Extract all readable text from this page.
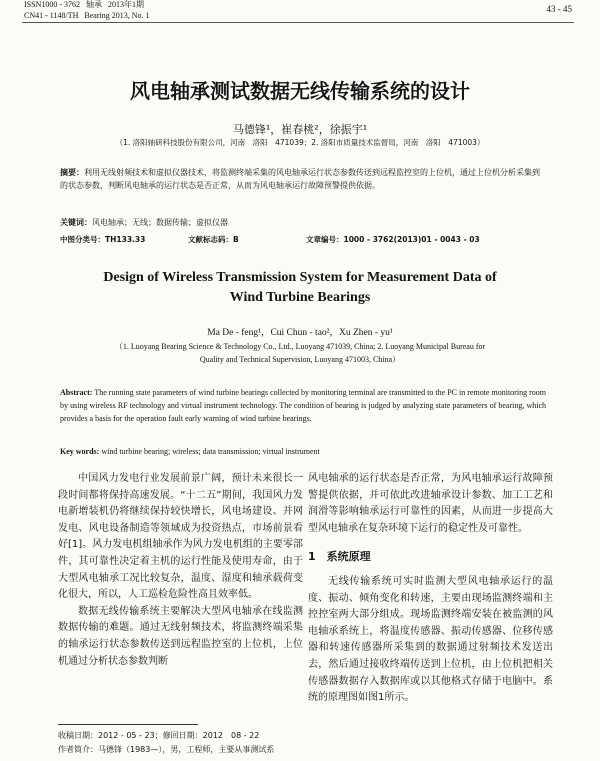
ISSN1000 - 3762 轴承 2013年1期
CN41 - 1148/TH Bearing 2013, No. 1
43 - 45
风电轴承测试数据无线传输系统的设计
马德锋¹，崔春桃²，徐振宇¹
（1. 洛阳轴研科技股份有限公司，河南　洛阳　471039；2. 洛阳市质量技术监督局，河南　洛阳　471003）
摘要：利用无线射频技术和虚拟仪器技术，将监测终端采集的风电轴承运行状态参数传送到远程监控室的上位机，通过上位机分析采集到的状态参数，判断风电轴承的运行状态是否正常，从而为风电轴承运行故障预警提供依据。
关键词：风电轴承；无线；数据传输；虚拟仪器
中图分类号：TH133.33	文献标志码：B	文章编号：1000 - 3762(2013)01 - 0043 - 03
Design of Wireless Transmission System for Measurement Data of
Wind Turbine Bearings
Ma De - feng¹，Cui Chun - tao²，Xu Zhen - yu¹
（1. Luoyang Bearing Science & Technology Co., Ltd., Luoyang 471039, China; 2. Luoyang Municipal Bureau for
Quality and Technical Supervision, Luoyang 471003, China）
Abstract: The running state parameters of wind turbine bearings collected by monitoring terminal are transmitted to the PC in remote monitoring room by using wireless RF technology and virtual instrument technology. The condition of bearing is judged by analyzing state parameters of bearing, which provides a basis for the operation fault early warning of wind turbine bearings.
Key words: wind turbine bearing; wireless; data transmission; virtual instrument

中国风力发电行业发展前景广阔，预计未来很长一段时间都将保持高速发展。“十二五”期间，我国风力发电新增装机仍将继续保持较快增长，风电场建设、并网发电、风电设备制造等领域成为投资热点，市场前景看好[1]。风力发电机组轴承作为风力发电机组的主要零部件，其可靠性决定着主机的运行性能及使用寿命，由于大型风电轴承工况比较复杂，温度、湿度和轴承载荷变化很大，所以，人工巡检危险性高且效率低。

数据无线传输系统主要解决大型风电轴承在线监测数据传输的难题。通过无线射频技术，将监测终端采集的轴承运行状态参数传送到远程监控室的上位机，上位机通过分析状态参数判断

风电轴承的运行状态是否正常，为风电轴承运行故障预警提供依据，并可依此改进轴承设计参数、加工工艺和润滑等影响轴承运行可靠性的因素，从而进一步提高大型风电轴承在复杂环境下运行的稳定性及可靠性。

1　系统原理

无线传输系统可实时监测大型风电轴承运行的温度、振动、倾角变化和转速，主要由现场监测终端和主控控室两大部分组成。现场监测终端安装在被监测的风电轴承系统上，将温度传感器、振动传感器、位移传感器和转速传感器所采集到的数据通过射频技术发送出去，然后通过接收终端传送到上位机，由上位机把相关传感器数据存入数据库或以其他格式存储于电脑中。系统的原理图如图1所示。

收稿日期：2012 - 05 - 23；修回日期：2012　08 - 22
作者简介：马德锋（1983—），男，工程师，主要从事测试系
